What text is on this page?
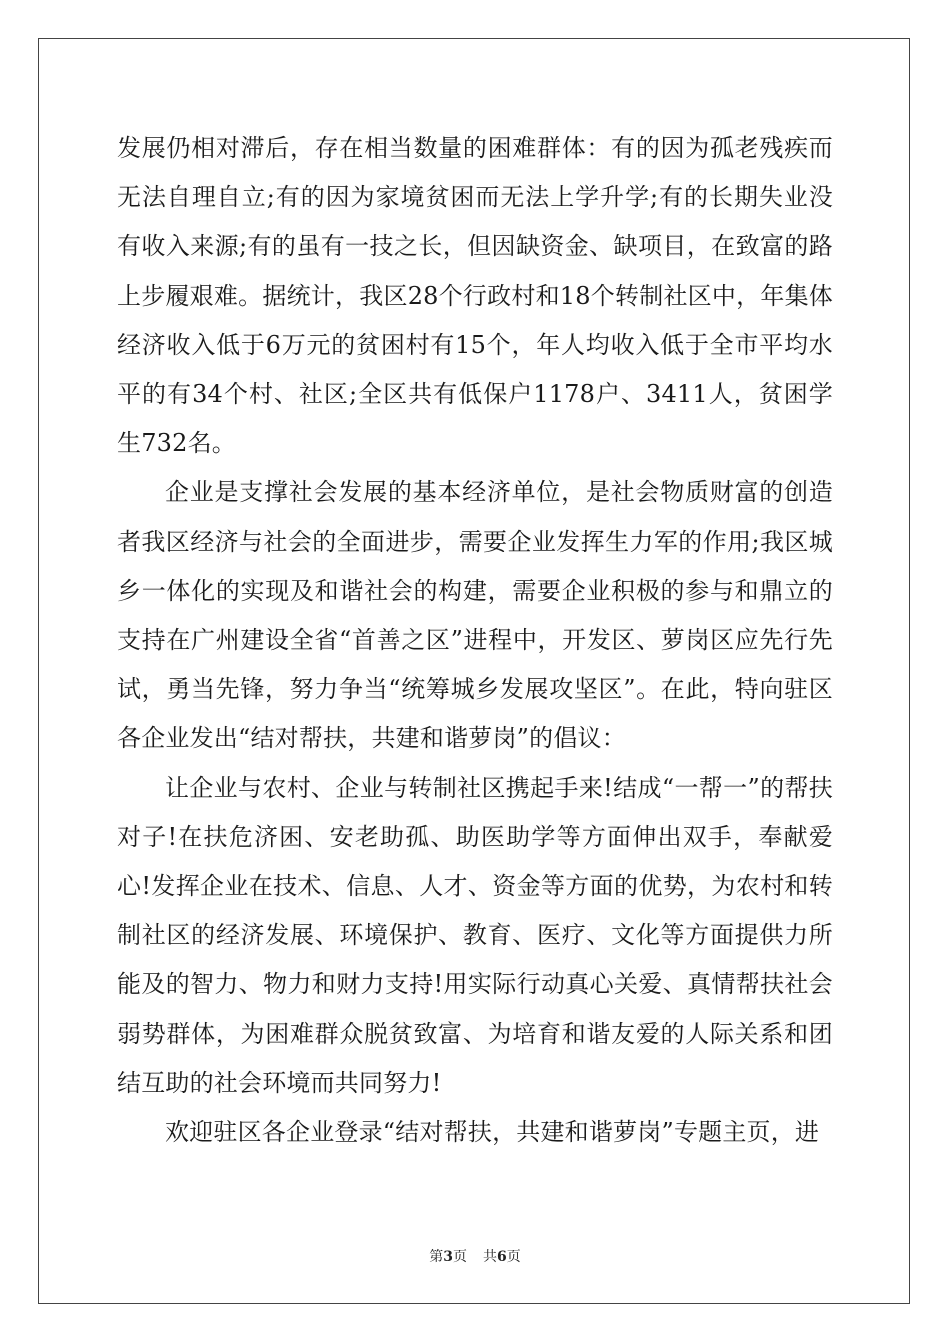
发展仍相对滞后，存在相当数量的困难群体：有的因为孤老残疾而无法自理自立;有的因为家境贫困而无法上学升学;有的长期失业没有收入来源;有的虽有一技之长，但因缺资金、缺项目，在致富的路上步履艰难。据统计，我区28个行政村和18个转制社区中，年集体经济收入低于6万元的贫困村有15个，年人均收入低于全市平均水平的有34个村、社区;全区共有低保户1178户、3411人，贫困学生732名。

企业是支撑社会发展的基本经济单位，是社会物质财富的创造者我区经济与社会的全面进步，需要企业发挥生力军的作用;我区城乡一体化的实现及和谐社会的构建，需要企业积极的参与和鼎立的支持在广州建设全省“首善之区”进程中，开发区、萝岗区应先行先试，勇当先锋，努力争当“统筹城乡发展攻坚区”。在此，特向驻区各企业发出“结对帮扶，共建和谐萝岗”的倡议：

让企业与农村、企业与转制社区携起手来!结成“一帮一”的帮扶对子!在扶危济困、安老助孤、助医助学等方面伸出双手，奉献爱心!发挥企业在技术、信息、人才、资金等方面的优势，为农村和转制社区的经济发展、环境保护、教育、医疗、文化等方面提供力所能及的智力、物力和财力支持!用实际行动真心关爱、真情帮扶社会弱势群体，为困难群众脱贫致富、为培育和谐友爱的人际关系和团结互助的社会环境而共同努力!

欢迎驻区各企业登录“结对帮扶，共建和谐萝岗”专题主页，进

第3页 共6页
